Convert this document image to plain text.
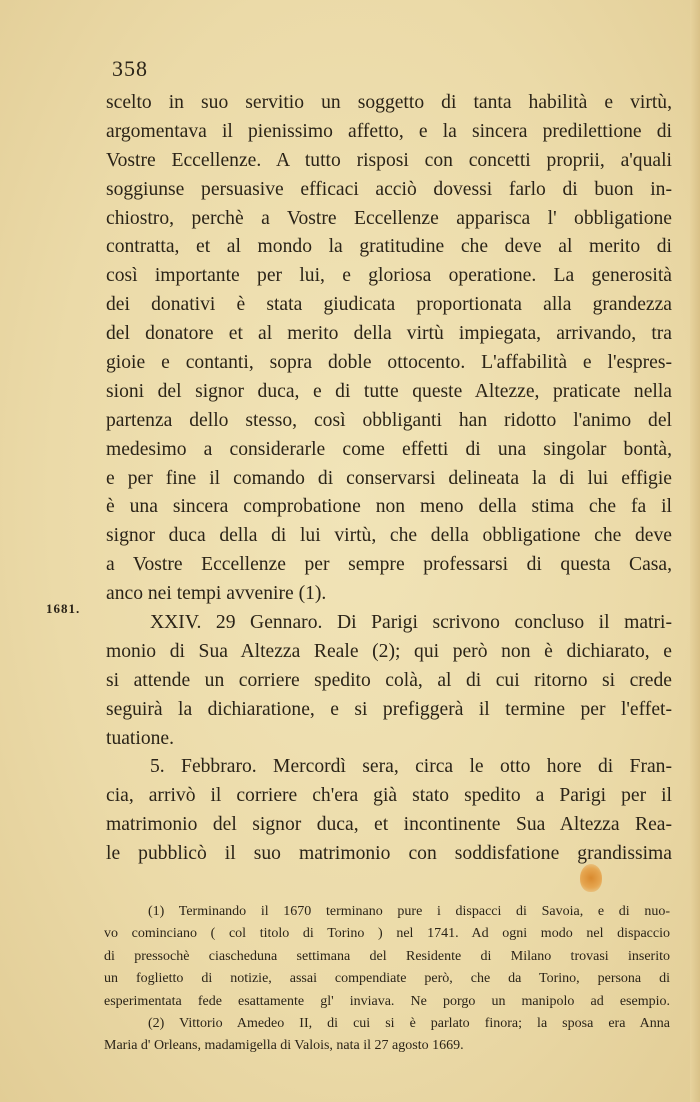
358
1681.
scelto in suo servitio un soggetto di tanta habilità e virtù,
argomentava il pienissimo affetto, e la sincera predilettione di
Vostre Eccellenze. A tutto risposi con concetti proprii, a'quali
soggiunse persuasive efficaci acciò dovessi farlo di buon in-
chiostro, perchè a Vostre Eccellenze apparisca l' obbligatione
contratta, et al mondo la gratitudine che deve al merito di
così importante per lui, e gloriosa operatione. La generosità
dei donativi è stata giudicata proportionata alla grandezza
del donatore et al merito della virtù impiegata, arrivando, tra
gioie e contanti, sopra doble ottocento. L'affabilità e l'espres-
sioni del signor duca, e di tutte queste Altezze, praticate nella
partenza dello stesso, così obbliganti han ridotto l'animo del
medesimo a considerarle come effetti di una singolar bontà,
e per fine il comando di conservarsi delineata la di lui effigie
è una sincera comprobatione non meno della stima che fa il
signor duca della di lui virtù, che della obbligatione che deve
a Vostre Eccellenze per sempre professarsi di questa Casa,
anco nei tempi avvenire (1).
XXIV. 29 Gennaro. Di Parigi scrivono concluso il matri-
monio di Sua Altezza Reale (2); qui però non è dichiarato, e
si attende un corriere spedito colà, al di cui ritorno si crede
seguirà la dichiaratione, e si prefiggerà il termine per l'effet-
tuatione.
5. Febbraro. Mercordì sera, circa le otto hore di Fran-
cia, arrivò il corriere ch'era già stato spedito a Parigi per il
matrimonio del signor duca, et incontinente Sua Altezza Rea-
le pubblicò il suo matrimonio con soddisfatione grandissima
(1) Terminando il 1670 terminano pure i dispacci di Savoia, e di nuo-
vo cominciano ( col titolo di Torino ) nel 1741. Ad ogni modo nel dispaccio
di pressochè ciascheduna settimana del Residente di Milano trovasi inserito
un foglietto di notizie, assai compendiate però, che da Torino, persona di
esperimentata fede esattamente gl' inviava. Ne porgo un manipolo ad esempio.
(2) Vittorio Amedeo II, di cui si è parlato finora; la sposa era Anna
Maria d' Orleans, madamigella di Valois, nata il 27 agosto 1669.
